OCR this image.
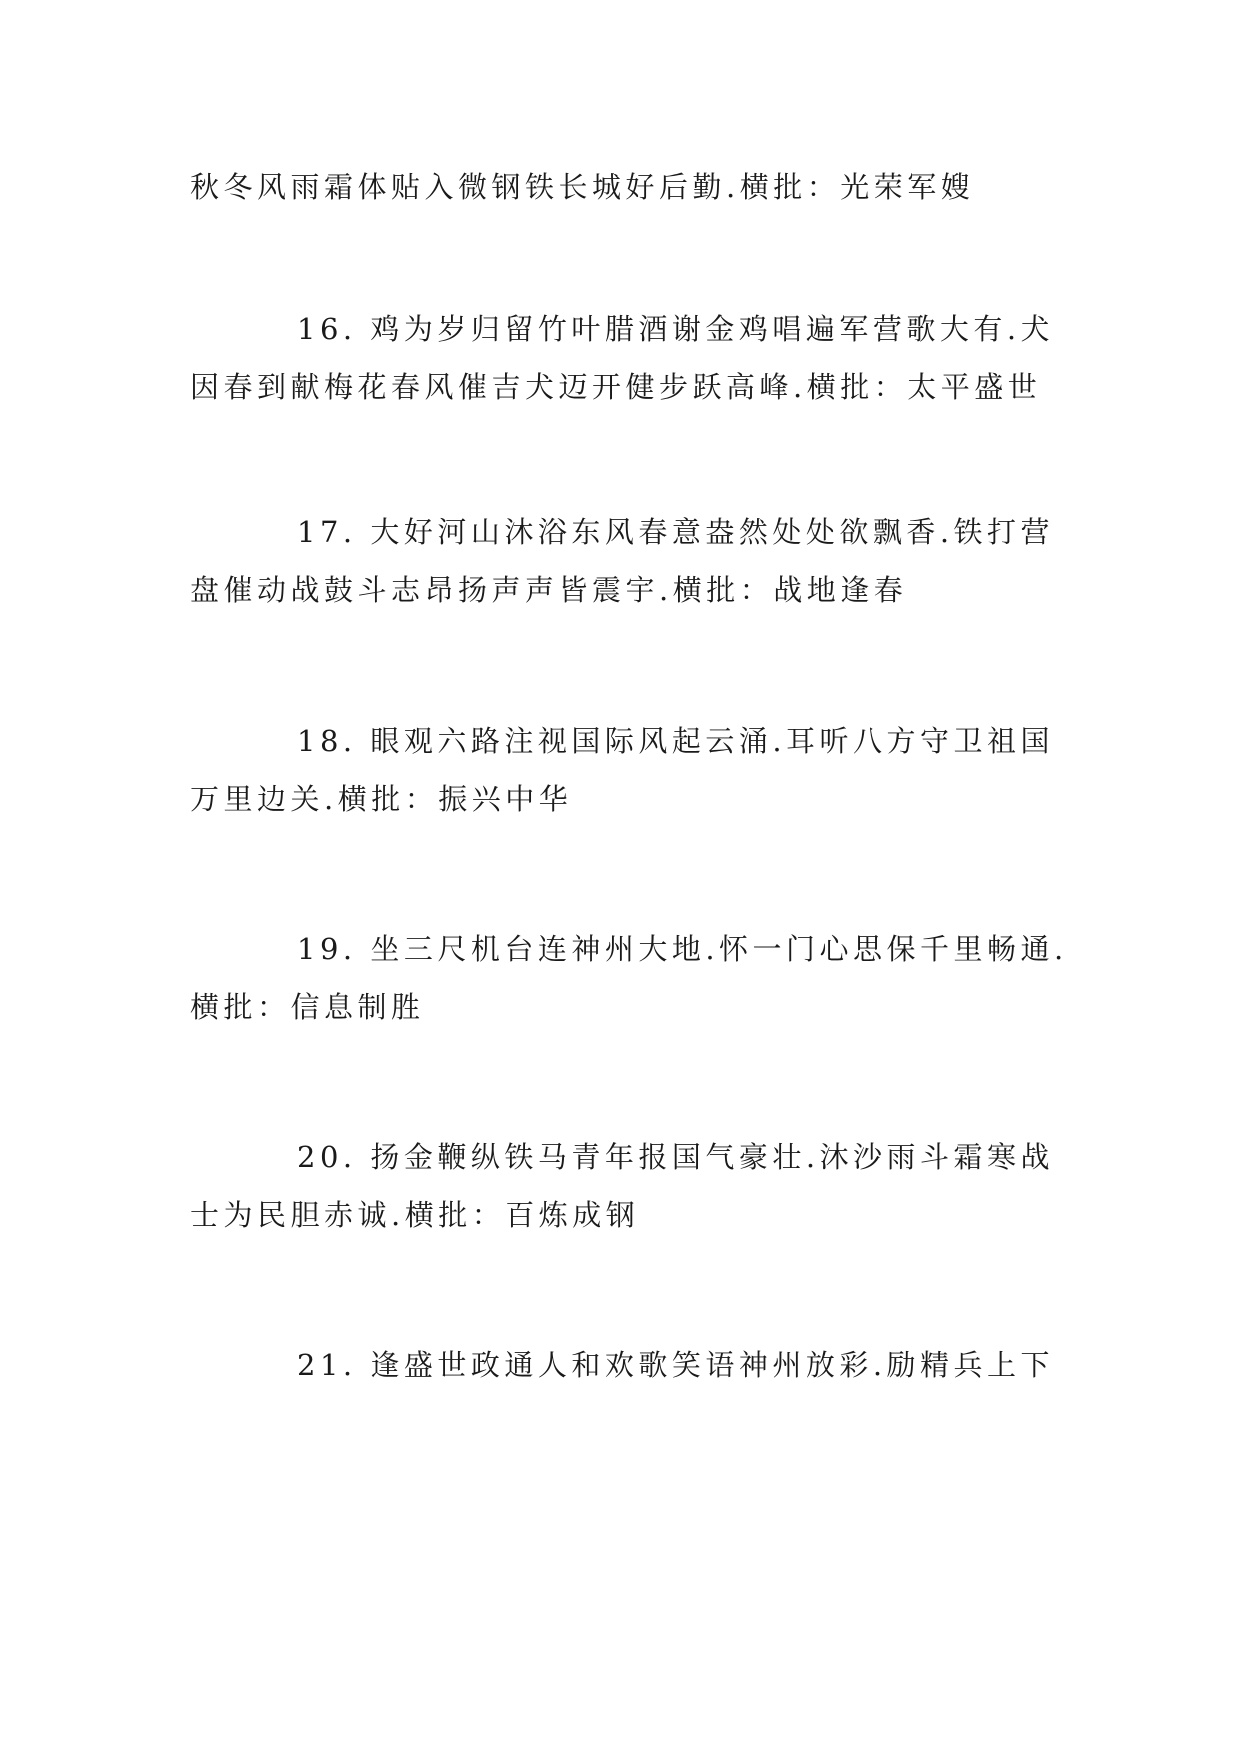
秋冬风雨霜体贴入微钢铁长城好后勤.横批：光荣军嫂

16. 鸡为岁归留竹叶腊酒谢金鸡唱遍军营歌大有.犬
因春到献梅花春风催吉犬迈开健步跃高峰.横批：太平盛世

17. 大好河山沐浴东风春意盎然处处欲飘香.铁打营
盘催动战鼓斗志昂扬声声皆震宇.横批：战地逢春

18. 眼观六路注视国际风起云涌.耳听八方守卫祖国
万里边关.横批：振兴中华

19. 坐三尺机台连神州大地.怀一门心思保千里畅通.
横批：信息制胜

20. 扬金鞭纵铁马青年报国气豪壮.沐沙雨斗霜寒战
士为民胆赤诚.横批：百炼成钢

21. 逢盛世政通人和欢歌笑语神州放彩.励精兵上下
